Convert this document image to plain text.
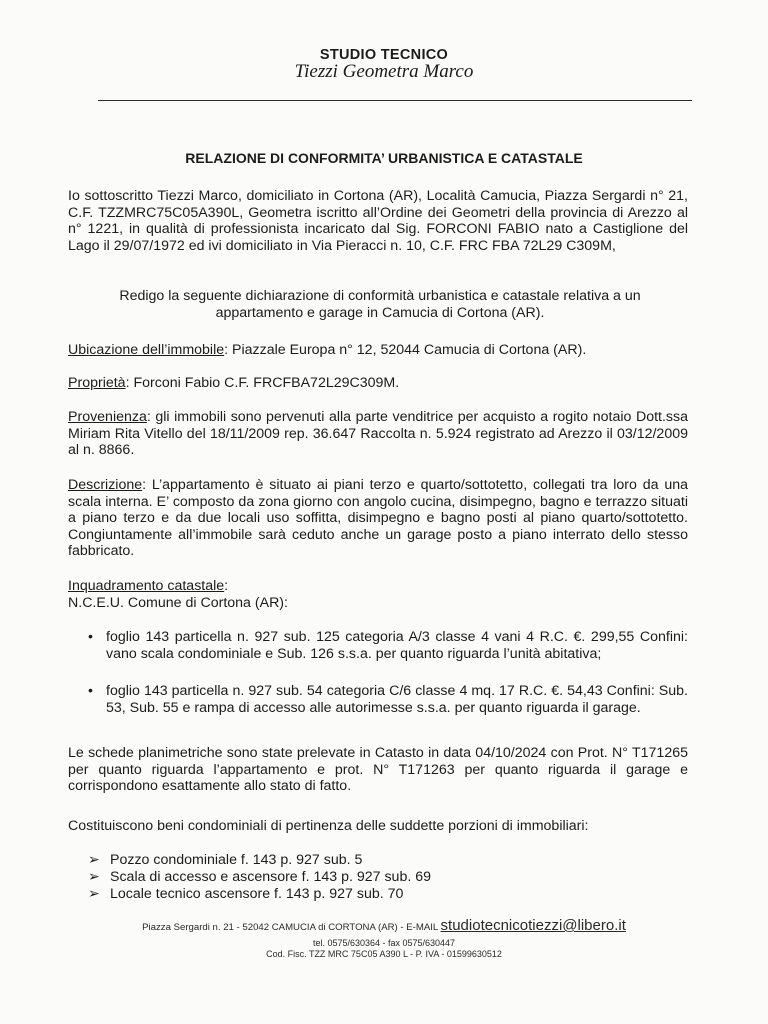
STUDIO TECNICO
Tiezzi Geometra Marco
RELAZIONE DI CONFORMITA’ URBANISTICA E CATASTALE
Io sottoscritto Tiezzi Marco, domiciliato in Cortona (AR), Località Camucia, Piazza Sergardi n° 21, C.F. TZZMRC75C05A390L, Geometra iscritto all’Ordine dei Geometri della provincia di Arezzo al n° 1221, in qualità di professionista incaricato dal Sig. FORCONI FABIO nato a Castiglione del Lago il 29/07/1972 ed ivi domiciliato in Via Pieracci n. 10, C.F. FRC FBA 72L29 C309M,
Redigo la seguente dichiarazione di conformità urbanistica e catastale relativa a un appartamento e garage in Camucia di Cortona (AR).
Ubicazione dell’immobile: Piazzale Europa n° 12, 52044 Camucia di Cortona (AR).
Proprietà: Forconi Fabio C.F. FRCFBA72L29C309M.
Provenienza: gli immobili sono pervenuti alla parte venditrice per acquisto a rogito notaio Dott.ssa Miriam Rita Vitello del 18/11/2009 rep. 36.647 Raccolta n. 5.924 registrato ad Arezzo il 03/12/2009 al n. 8866.
Descrizione: L’appartamento è situato ai piani terzo e quarto/sottotetto, collegati tra loro da una scala interna. E’ composto da zona giorno con angolo cucina, disimpegno, bagno e terrazzo situati a piano terzo e da due locali uso soffitta, disimpegno e bagno posti al piano quarto/sottotetto. Congiuntamente all’immobile sarà ceduto anche un garage posto a piano interrato dello stesso fabbricato.
Inquadramento catastale:
N.C.E.U. Comune di Cortona (AR):
• foglio 143 particella n. 927 sub. 125 categoria A/3 classe 4 vani 4 R.C. €. 299,55 Confini: vano scala condominiale e Sub. 126 s.s.a. per quanto riguarda l’unità abitativa;
• foglio 143 particella n. 927 sub. 54 categoria C/6 classe 4 mq. 17 R.C. €. 54,43 Confini: Sub. 53, Sub. 55 e rampa di accesso alle autorimesse s.s.a. per quanto riguarda il garage.
Le schede planimetriche sono state prelevate in Catasto in data 04/10/2024 con Prot. N° T171265 per quanto riguarda l’appartamento e prot. N° T171263 per quanto riguarda il garage e corrispondono esattamente allo stato di fatto.
Costituiscono beni condominiali di pertinenza delle suddette porzioni di immobiliari:
➢ Pozzo condominiale f. 143 p. 927 sub. 5
➢ Scala di accesso e ascensore f. 143 p. 927 sub. 69
➢ Locale tecnico ascensore f. 143 p. 927 sub. 70
Piazza Sergardi n. 21 - 52042 CAMUCIA di CORTONA (AR) - E-MAIL studiotecnicotiezzi@libero.it
tel. 0575/630364 - fax 0575/630447
Cod. Fisc. TZZ MRC 75C05 A390 L - P. IVA - 01599630512
